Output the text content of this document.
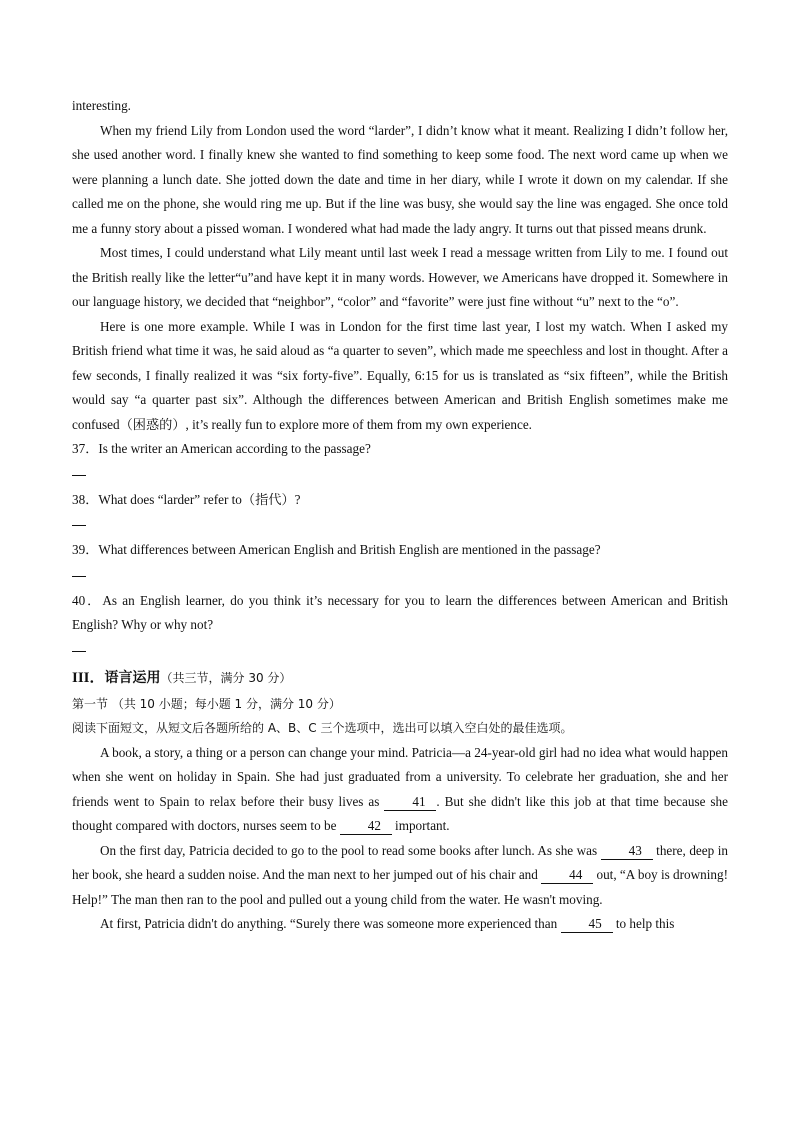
interesting.

When my friend Lily from London used the word “larder”, I didn’t know what it meant. Realizing I didn’t follow her, she used another word. I finally knew she wanted to find something to keep some food. The next word came up when we were planning a lunch date. She jotted down the date and time in her diary, while I wrote it down on my calendar. If she called me on the phone, she would ring me up. But if the line was busy, she would say the line was engaged. She once told me a funny story about a pissed woman. I wondered what had made the lady angry. It turns out that pissed means drunk.

Most times, I could understand what Lily meant until last week I read a message written from Lily to me. I found out the British really like the letter“u”and have kept it in many words. However, we Americans have dropped it. Somewhere in our language history, we decided that “neighbor”, “color” and “favorite” were just fine without “u” next to the “o”.

Here is one more example. While I was in London for the first time last year, I lost my watch. When I asked my British friend what time it was, he said aloud as “a quarter to seven”, which made me speechless and lost in thought. After a few seconds, I finally realized it was “six forty-five”. Equally, 6:15 for us is translated as “six fifteen”, while the British would say “a quarter past six”. Although the differences between American and British English sometimes make me confused（困惑的）, it’s really fun to explore more of them from my own experience.

37．Is the writer an American according to the passage?

38．What does “larder” refer to（指代）?

39．What differences between American English and British English are mentioned in the passage?

40．As an English learner, do you think it’s necessary for you to learn the differences between American and British English? Why or why not?

III．语言运用（共三节，满分 30 分）

第一节 （共 10 小题；每小题 1 分，满分 10 分）

阅读下面短文，从短文后各题所给的 A、B、C 三个选项中，选出可以填入空白处的最佳选项。

A book, a story, a thing or a person can change your mind. Patricia—a 24-year-old girl had no idea what would happen when she went on holiday in Spain. She had just graduated from a university. To celebrate her graduation, she and her friends went to Spain to relax before their busy lives as 41 . But she didn't like this job at that time because she thought compared with doctors, nurses seem to be 42 important.

On the first day, Patricia decided to go to the pool to read some books after lunch. As she was 43 there, deep in her book, she heard a sudden noise. And the man next to her jumped out of his chair and 44 out, “A boy is drowning! Help!” The man then ran to the pool and pulled out a young child from the water. He wasn't moving.

At first, Patricia didn't do anything. “Surely there was someone more experienced than 45 to help this
